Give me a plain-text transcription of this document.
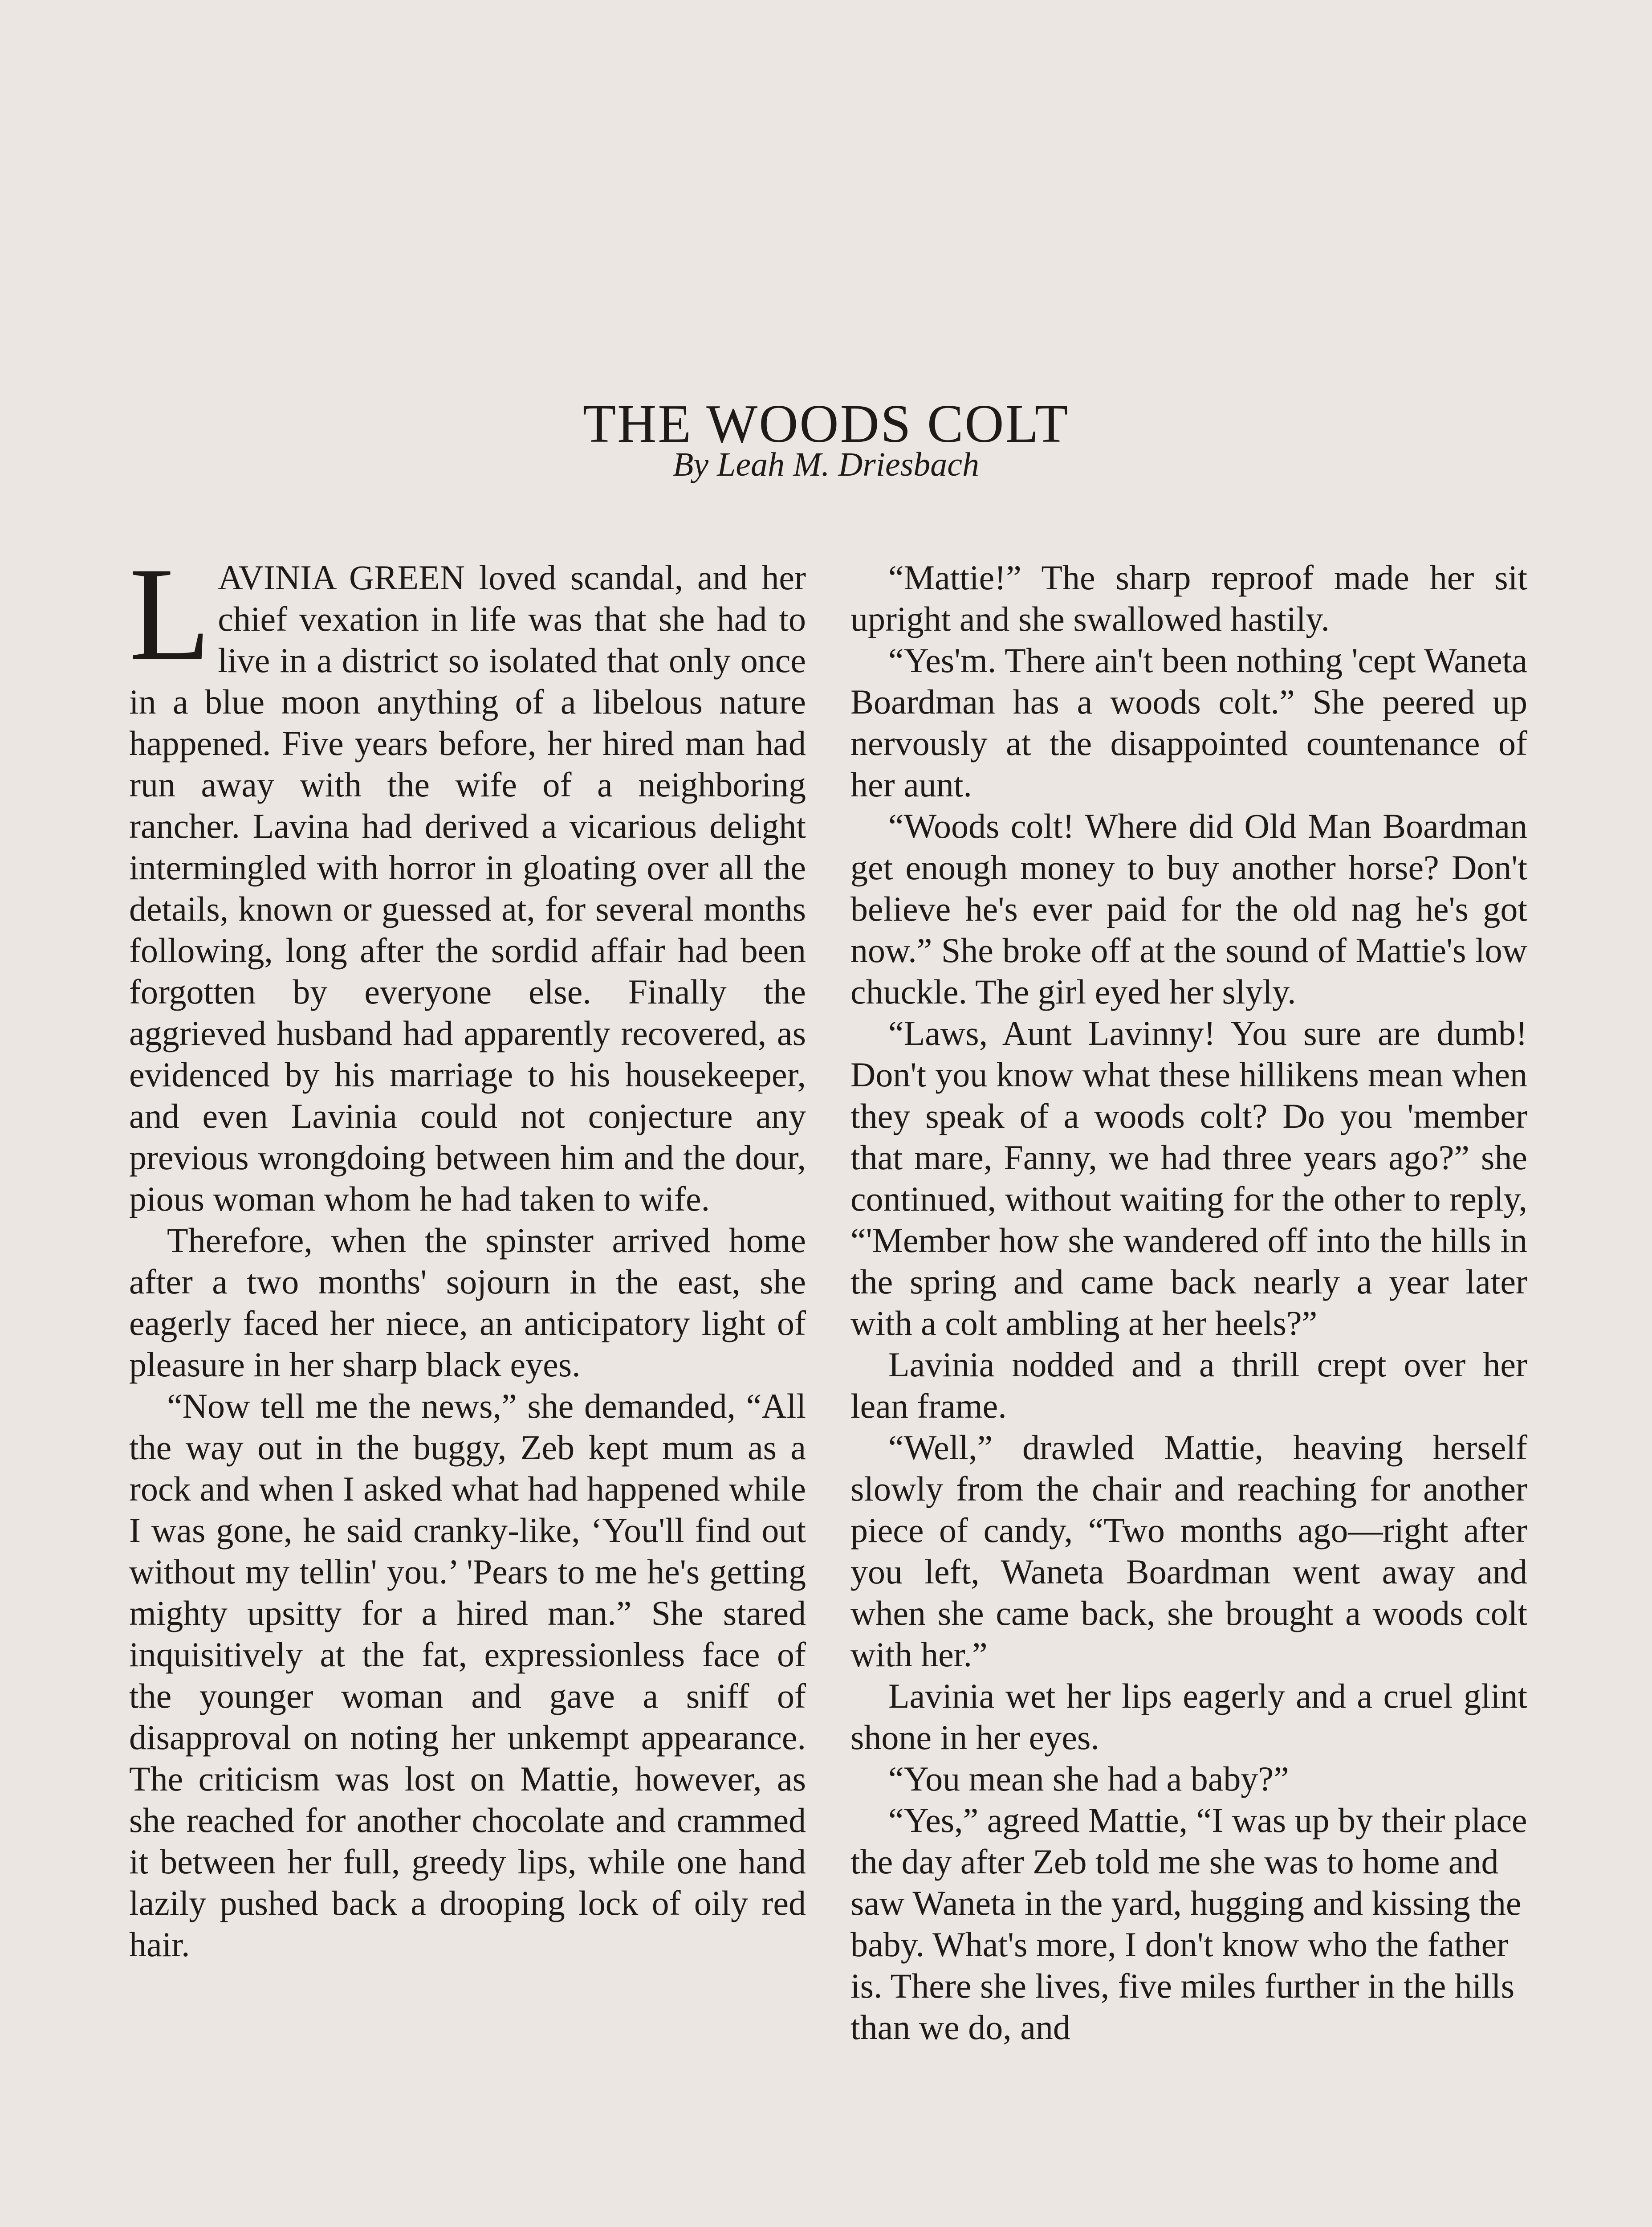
THE WOODS COLT
By Leah M. Driesbach

LAVINIA GREEN loved scandal, and her chief vexation in life was that she had to live in a district so isolated that only once in a blue moon anything of a libelous nature happened. Five years before, her hired man had run away with the wife of a neighboring rancher. Lavina had derived a vicarious delight intermingled with horror in gloating over all the details, known or guessed at, for several months following, long after the sordid affair had been forgotten by everyone else. Finally the aggrieved husband had apparently recovered, as evidenced by his marriage to his housekeeper, and even Lavinia could not conjecture any previous wrongdoing between him and the dour, pious woman whom he had taken to wife.

Therefore, when the spinster arrived home after a two months' sojourn in the east, she eagerly faced her niece, an anticipatory light of pleasure in her sharp black eyes.

“Now tell me the news,” she demanded, “All the way out in the buggy, Zeb kept mum as a rock and when I asked what had happened while I was gone, he said cranky-like, ‘You'll find out without my tellin' you.’ 'Pears to me he's getting mighty upsitty for a hired man.” She stared inquisitively at the fat, expressionless face of the younger woman and gave a sniff of disapproval on noting her unkempt appearance. The criticism was lost on Mattie, however, as she reached for another chocolate and crammed it between her full, greedy lips, while one hand lazily pushed back a drooping lock of oily red hair.

“Mattie!” The sharp reproof made her sit upright and she swallowed hastily.

“Yes'm. There ain't been nothing 'cept Waneta Boardman has a woods colt.” She peered up nervously at the disappointed countenance of her aunt.

“Woods colt! Where did Old Man Boardman get enough money to buy another horse? Don't believe he's ever paid for the old nag he's got now.” She broke off at the sound of Mattie's low chuckle. The girl eyed her slyly.

“Laws, Aunt Lavinny! You sure are dumb! Don't you know what these hillikens mean when they speak of a woods colt? Do you 'member that mare, Fanny, we had three years ago?” she continued, without waiting for the other to reply, “'Member how she wandered off into the hills in the spring and came back nearly a year later with a colt ambling at her heels?”

Lavinia nodded and a thrill crept over her lean frame.

“Well,” drawled Mattie, heaving herself slowly from the chair and reaching for another piece of candy, “Two months ago—right after you left, Waneta Boardman went away and when she came back, she brought a woods colt with her.”

Lavinia wet her lips eagerly and a cruel glint shone in her eyes.

“You mean she had a baby?”

“Yes,” agreed Mattie, “I was up by their place the day after Zeb told me she was to home and saw Waneta in the yard, hugging and kissing the baby. What's more, I don't know who the father is. There she lives, five miles further in the hills than we do, and
